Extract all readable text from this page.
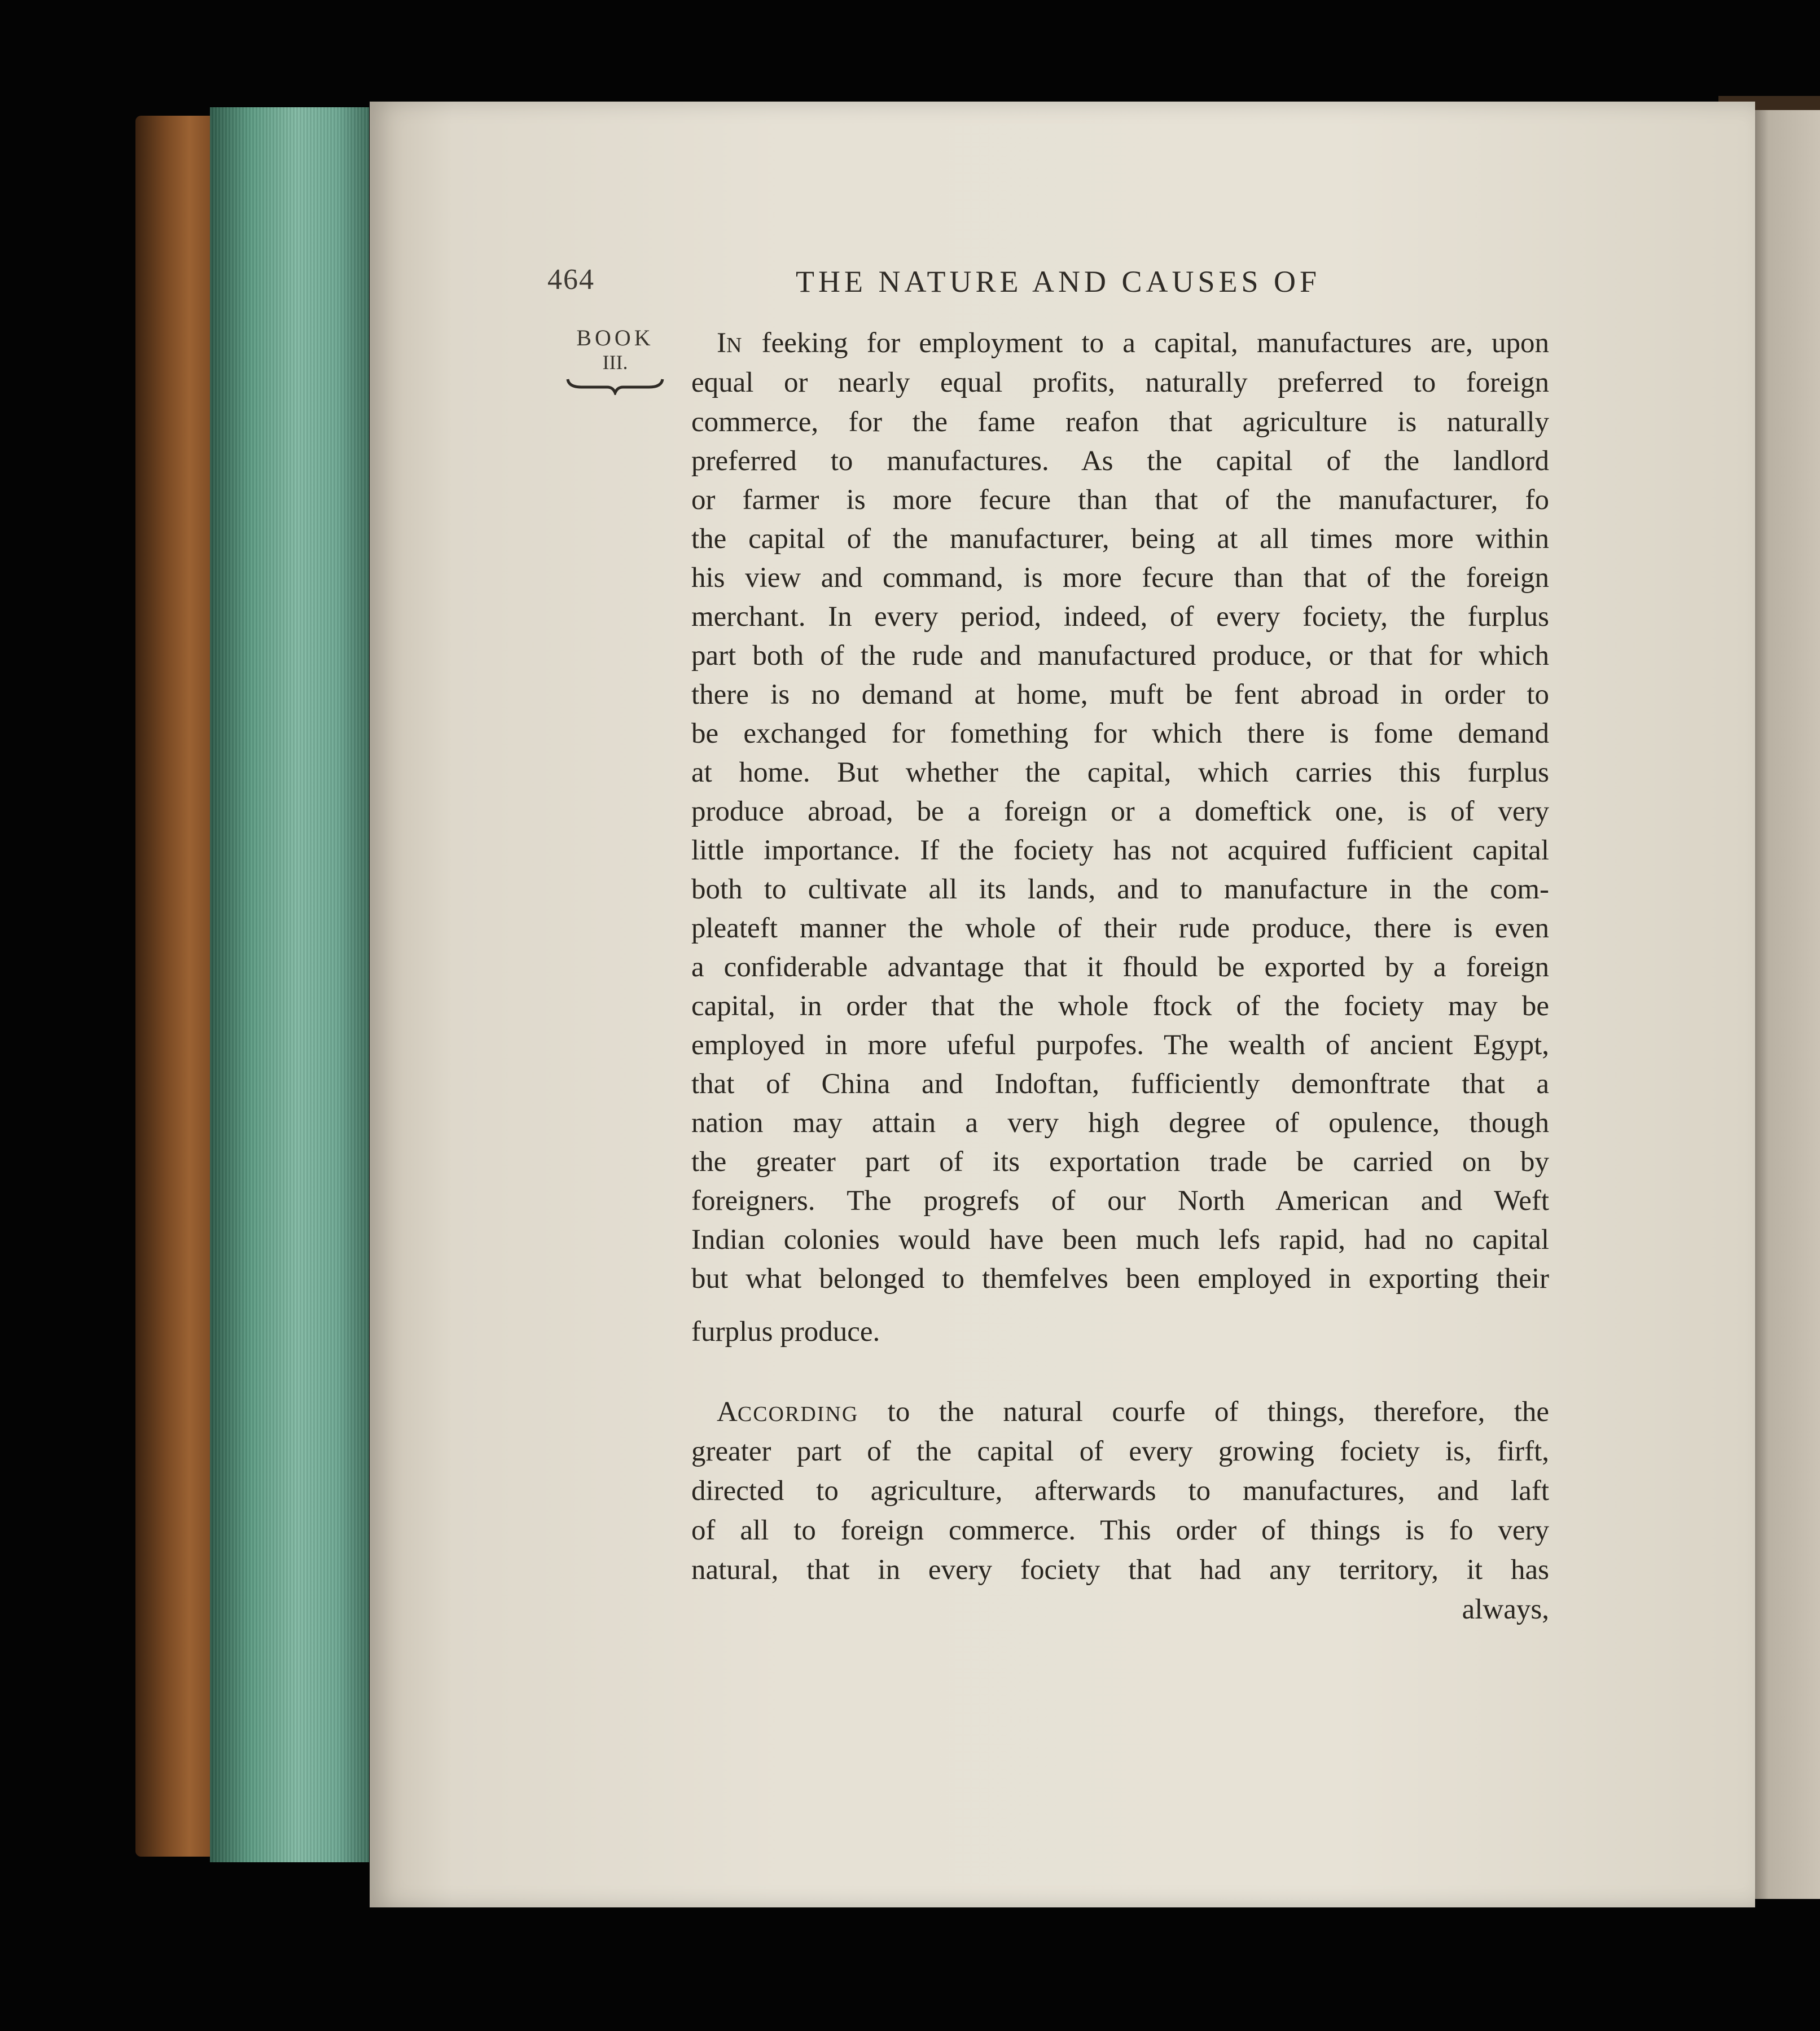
464	THE NATURE AND CAUSES OF
BOOK
III.
IN feeking for employment to a capital, manufactures are, upon
equal or nearly equal profits, naturally preferred to foreign
commerce, for the fame reafon that agriculture is naturally
preferred to manufactures. As the capital of the landlord
or farmer is more fecure than that of the manufacturer, fo
the capital of the manufacturer, being at all times more within
his view and command, is more fecure than that of the foreign
merchant. In every period, indeed, of every fociety, the furplus
part both of the rude and manufactured produce, or that for which
there is no demand at home, muft be fent abroad in order to
be exchanged for fomething for which there is fome demand
at home. But whether the capital, which carries this furplus
produce abroad, be a foreign or a domeftick one, is of very
little importance. If the fociety has not acquired fufficient capital
both to cultivate all its lands, and to manufacture in the com-
pleateft manner the whole of their rude produce, there is even
a confiderable advantage that it fhould be exported by a foreign
capital, in order that the whole ftock of the fociety may be
employed in more ufeful purpofes. The wealth of ancient Egypt,
that of China and Indoftan, fufficiently demonftrate that a
nation may attain a very high degree of opulence, though
the greater part of its exportation trade be carried on by
foreigners. The progrefs of our North American and Weft
Indian colonies would have been much lefs rapid, had no capital
but what belonged to themfelves been employed in exporting their
furplus produce.
ACCORDING to the natural courfe of things, therefore, the
greater part of the capital of every growing fociety is, firft,
directed to agriculture, afterwards to manufactures, and laft
of all to foreign commerce. This order of things is fo very
natural, that in every fociety that had any territory, it has
always,
